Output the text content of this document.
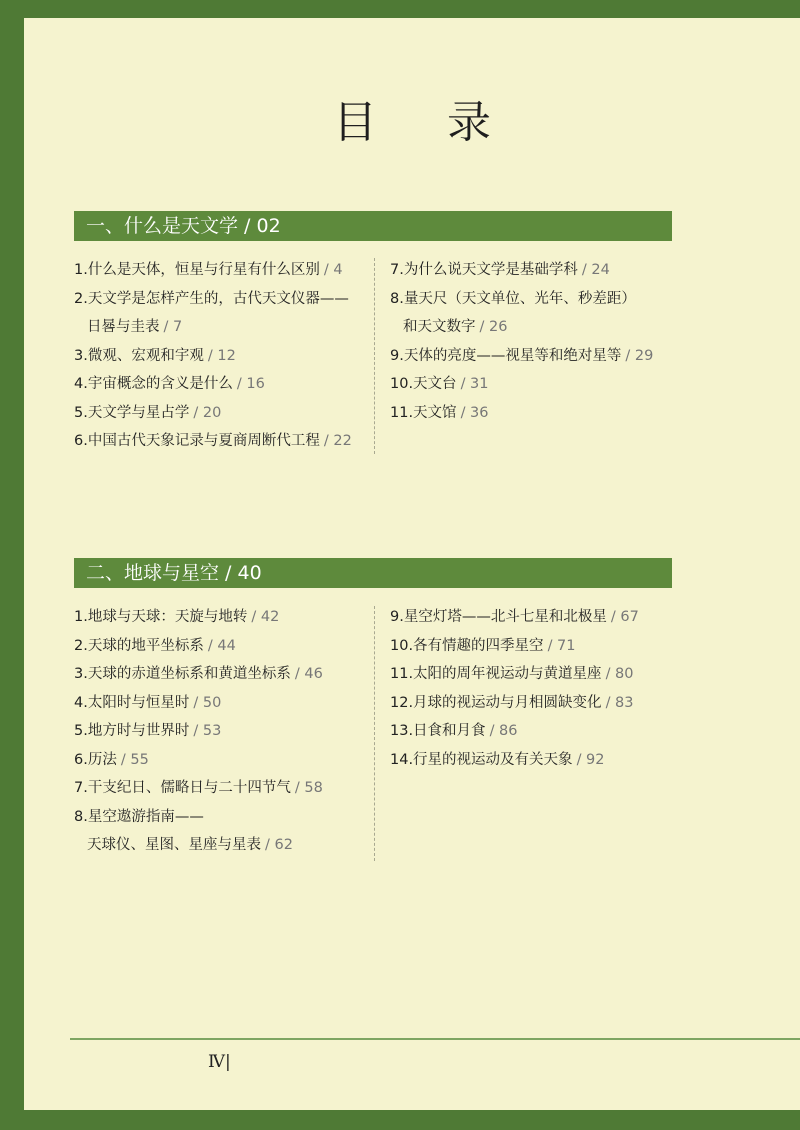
目 录
一、什么是天文学 / 02
1.什么是天体，恒星与行星有什么区别 / 4
2.天文学是怎样产生的，古代天文仪器——
日晷与圭表 / 7
3.微观、宏观和宇观 / 12
4.宇宙概念的含义是什么 / 16
5.天文学与星占学 / 20
6.中国古代天象记录与夏商周断代工程 / 22
7.为什么说天文学是基础学科 / 24
8.量天尺（天文单位、光年、秒差距）
和天文数字 / 26
9.天体的亮度——视星等和绝对星等 / 29
10.天文台 / 31
11.天文馆 / 36
二、地球与星空 / 40
1.地球与天球：天旋与地转 / 42
2.天球的地平坐标系 / 44
3.天球的赤道坐标系和黄道坐标系 / 46
4.太阳时与恒星时 / 50
5.地方时与世界时 / 53
6.历法 / 55
7.干支纪日、儒略日与二十四节气 / 58
8.星空遨游指南——
天球仪、星图、星座与星表 / 62
9.星空灯塔——北斗七星和北极星 / 67
10.各有情趣的四季星空 / 71
11.太阳的周年视运动与黄道星座 / 80
12.月球的视运动与月相圆缺变化 / 83
13.日食和月食 / 86
14.行星的视运动及有关天象 / 92
Ⅳ|
